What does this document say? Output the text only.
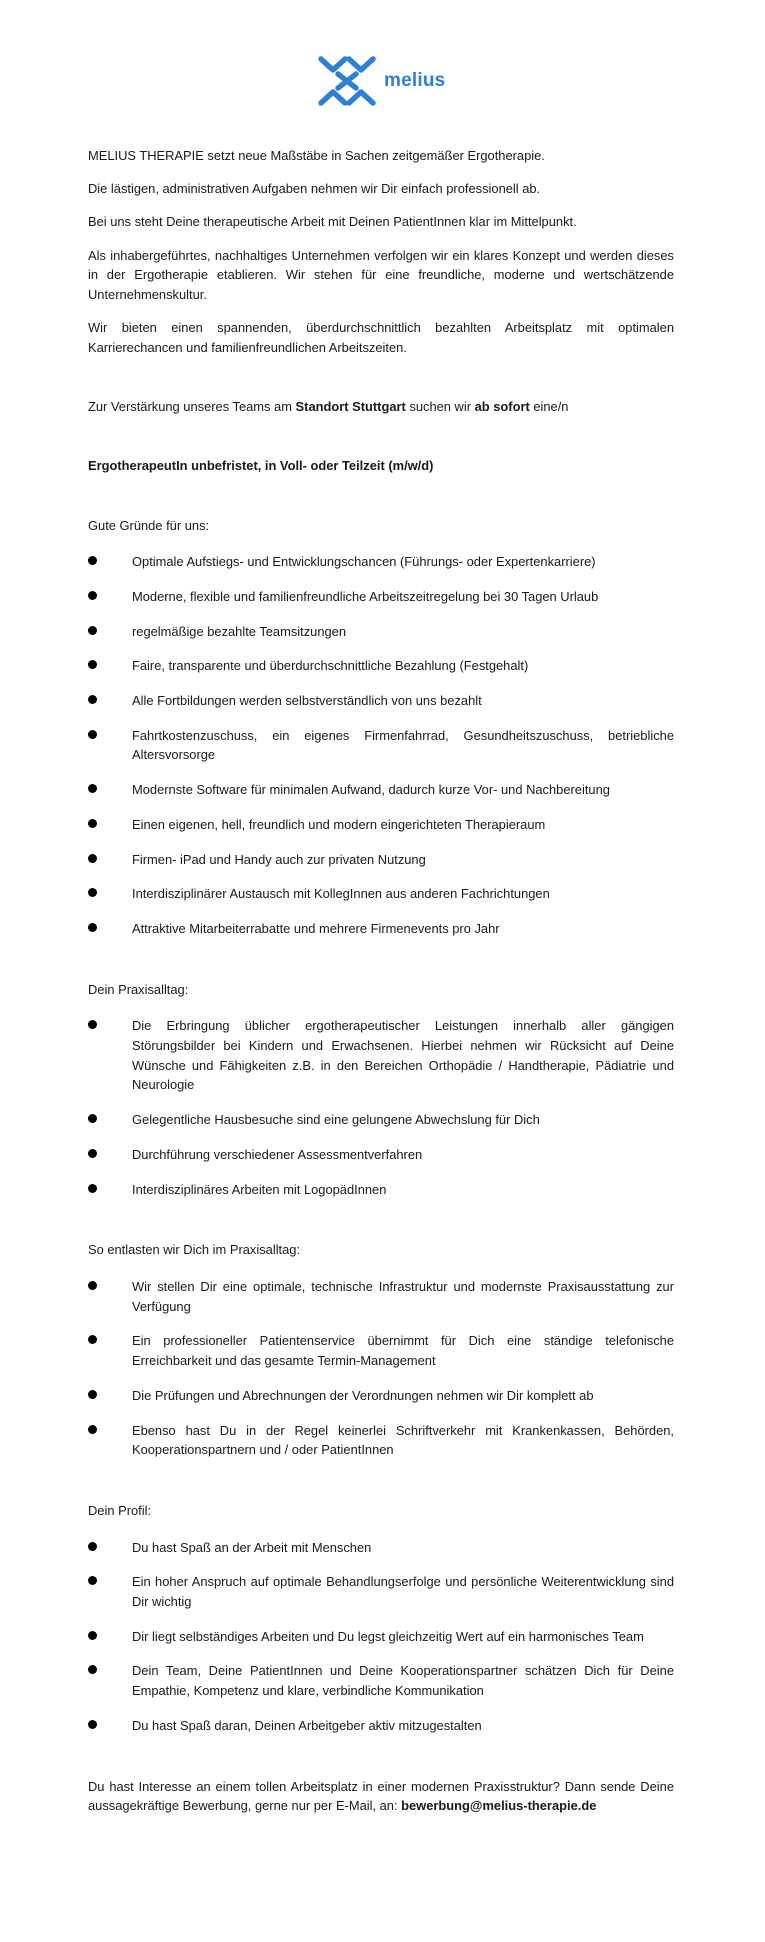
melius

MELIUS THERAPIE setzt neue Maßstäbe in Sachen zeitgemäßer Ergotherapie.

Die lästigen, administrativen Aufgaben nehmen wir Dir einfach professionell ab.

Bei uns steht Deine therapeutische Arbeit mit Deinen PatientInnen klar im Mittelpunkt.

Als inhabergeführtes, nachhaltiges Unternehmen verfolgen wir ein klares Konzept und werden dieses in der Ergotherapie etablieren. Wir stehen für eine freundliche, moderne und wertschätzende Unternehmenskultur.

Wir bieten einen spannenden, überdurchschnittlich bezahlten Arbeitsplatz mit optimalen Karrierechancen und familienfreundlichen Arbeitszeiten.

Zur Verstärkung unseres Teams am Standort Stuttgart suchen wir ab sofort eine/n

ErgotherapeutIn unbefristet, in Voll- oder Teilzeit (m/w/d)

Gute Gründe für uns:

Optimale Aufstiegs- und Entwicklungschancen (Führungs- oder Expertenkarriere)
Moderne, flexible und familienfreundliche Arbeitszeitregelung bei 30 Tagen Urlaub
regelmäßige bezahlte Teamsitzungen
Faire, transparente und überdurchschnittliche Bezahlung (Festgehalt)
Alle Fortbildungen werden selbstverständlich von uns bezahlt
Fahrtkostenzuschuss, ein eigenes Firmenfahrrad, Gesundheitszuschuss, betriebliche Altersvorsorge
Modernste Software für minimalen Aufwand, dadurch kurze Vor- und Nachbereitung
Einen eigenen, hell, freundlich und modern eingerichteten Therapieraum
Firmen- iPad und Handy auch zur privaten Nutzung
Interdisziplinärer Austausch mit KollegInnen aus anderen Fachrichtungen
Attraktive Mitarbeiterrabatte und mehrere Firmenevents pro Jahr

Dein Praxisalltag:

Die Erbringung üblicher ergotherapeutischer Leistungen innerhalb aller gängigen Störungsbilder bei Kindern und Erwachsenen. Hierbei nehmen wir Rücksicht auf Deine Wünsche und Fähigkeiten z.B. in den Bereichen Orthopädie / Handtherapie, Pädiatrie und Neurologie
Gelegentliche Hausbesuche sind eine gelungene Abwechslung für Dich
Durchführung verschiedener Assessmentverfahren
Interdisziplinäres Arbeiten mit LogopädInnen

So entlasten wir Dich im Praxisalltag:

Wir stellen Dir eine optimale, technische Infrastruktur und modernste Praxisausstattung zur Verfügung
Ein professioneller Patientenservice übernimmt für Dich eine ständige telefonische Erreichbarkeit und das gesamte Termin-Management
Die Prüfungen und Abrechnungen der Verordnungen nehmen wir Dir komplett ab
Ebenso hast Du in der Regel keinerlei Schriftverkehr mit Krankenkassen, Behörden, Kooperationspartnern und / oder PatientInnen

Dein Profil:

Du hast Spaß an der Arbeit mit Menschen
Ein hoher Anspruch auf optimale Behandlungserfolge und persönliche Weiterentwicklung sind Dir wichtig
Dir liegt selbständiges Arbeiten und Du legst gleichzeitig Wert auf ein harmonisches Team
Dein Team, Deine PatientInnen und Deine Kooperationspartner schätzen Dich für Deine Empathie, Kompetenz und klare, verbindliche Kommunikation
Du hast Spaß daran, Deinen Arbeitgeber aktiv mitzugestalten

Du hast Interesse an einem tollen Arbeitsplatz in einer modernen Praxisstruktur? Dann sende Deine aussagekräftige Bewerbung, gerne nur per E-Mail, an: bewerbung@melius-therapie.de
